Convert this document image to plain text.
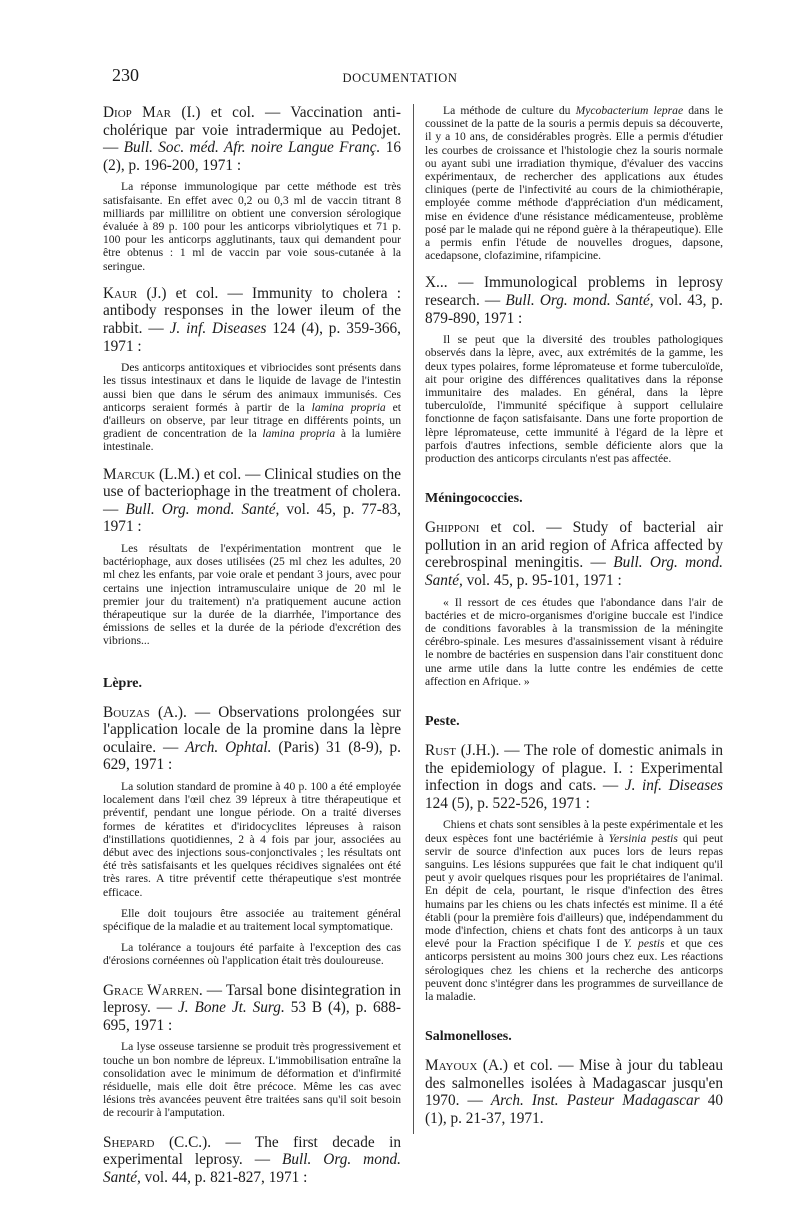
230	DOCUMENTATION

Diop Mar (I.) et col. — Vaccination anti-cholérique par voie intradermique au Pedojet. — Bull. Soc. méd. Afr. noire Langue Franç. 16 (2), p. 196-200, 1971 :

La réponse immunologique par cette méthode est très satisfaisante. En effet avec 0,2 ou 0,3 ml de vaccin titrant 8 milliards par millilitre on obtient une conversion sérologique évaluée à 89 p. 100 pour les anticorps vibriolytiques et 71 p. 100 pour les anticorps agglutinants, taux qui demandent pour être obtenus : 1 ml de vaccin par voie sous-cutanée à la seringue.

Kaur (J.) et col. — Immunity to cholera : antibody responses in the lower ileum of the rabbit. — J. inf. Diseases 124 (4), p. 359-366, 1971 :

Des anticorps antitoxiques et vibriocides sont présents dans les tissus intestinaux et dans le liquide de lavage de l'intestin aussi bien que dans le sérum des animaux immunisés. Ces anticorps seraient formés à partir de la lamina propria et d'ailleurs on observe, par leur titrage en différents points, un gradient de concentration de la lamina propria à la lumière intestinale.

Marcuk (L.M.) et col. — Clinical studies on the use of bacteriophage in the treatment of cholera. — Bull. Org. mond. Santé, vol. 45, p. 77-83, 1971 :

Les résultats de l'expérimentation montrent que le bactériophage, aux doses utilisées (25 ml chez les adultes, 20 ml chez les enfants, par voie orale et pendant 3 jours, avec pour certains une injection intramusculaire unique de 20 ml le premier jour du traitement) n'a pratiquement aucune action thérapeutique sur la durée de la diarrhée, l'importance des émissions de selles et la durée de la période d'excrétion des vibrions...

Lèpre.

Bouzas (A.). — Observations prolongées sur l'application locale de la promine dans la lèpre oculaire. — Arch. Ophtal. (Paris) 31 (8-9), p. 629, 1971 :

La solution standard de promine à 40 p. 100 a été employée localement dans l'œil chez 39 lépreux à titre thérapeutique et préventif, pendant une longue période. On a traité diverses formes de kératites et d'iridocyclites lépreuses à raison d'instillations quotidiennes, 2 à 4 fois par jour, associées au début avec des injections sous-conjonctivales ; les résultats ont été très satisfaisants et les quelques récidives signalées ont été très rares. A titre préventif cette thérapeutique s'est montrée efficace.

Elle doit toujours être associée au traitement général spécifique de la maladie et au traitement local symptomatique.

La tolérance a toujours été parfaite à l'exception des cas d'érosions cornéennes où l'application était très douloureuse.

Grace Warren. — Tarsal bone disintegration in leprosy. — J. Bone Jt. Surg. 53 B (4), p. 688-695, 1971 :

La lyse osseuse tarsienne se produit très progressivement et touche un bon nombre de lépreux. L'immobilisation entraîne la consolidation avec le minimum de déformation et d'infirmité résiduelle, mais elle doit être précoce. Même les cas avec lésions très avancées peuvent être traitées sans qu'il soit besoin de recourir à l'amputation.

Shepard (C.C.). — The first decade in experimental leprosy. — Bull. Org. mond. Santé, vol. 44, p. 821-827, 1971 :

La méthode de culture du Mycobacterium leprae dans le coussinet de la patte de la souris a permis depuis sa découverte, il y a 10 ans, de considérables progrès. Elle a permis d'étudier les courbes de croissance et l'histologie chez la souris normale ou ayant subi une irradiation thymique, d'évaluer des vaccins expérimentaux, de rechercher des applications aux études cliniques (perte de l'infectivité au cours de la chimiothérapie, employée comme méthode d'appréciation d'un médicament, mise en évidence d'une résistance médicamenteuse, problème posé par le malade qui ne répond guère à la thérapeutique). Elle a permis enfin l'étude de nouvelles drogues, dapsone, acedapsone, clofazimine, rifampicine.

X... — Immunological problems in leprosy research. — Bull. Org. mond. Santé, vol. 43, p. 879-890, 1971 :

Il se peut que la diversité des troubles pathologiques observés dans la lèpre, avec, aux extrémités de la gamme, les deux types polaires, forme lépromateuse et forme tuberculoïde, ait pour origine des différences qualitatives dans la réponse immunitaire des malades. En général, dans la lèpre tuberculoïde, l'immunité spécifique à support cellulaire fonctionne de façon satisfaisante. Dans une forte proportion de lèpre lépromateuse, cette immunité à l'égard de la lèpre et parfois d'autres infections, semble déficiente alors que la production des anticorps circulants n'est pas affectée.

Méningococcies.

Ghipponi et col. — Study of bacterial air pollution in an arid region of Africa affected by cerebrospinal meningitis. — Bull. Org. mond. Santé, vol. 45, p. 95-101, 1971 :

« Il ressort de ces études que l'abondance dans l'air de bactéries et de micro-organismes d'origine buccale est l'indice de conditions favorables à la transmission de la méningite cérébro-spinale. Les mesures d'assainissement visant à réduire le nombre de bactéries en suspension dans l'air constituent donc une arme utile dans la lutte contre les endémies de cette affection en Afrique. »

Peste.

Rust (J.H.). — The role of domestic animals in the epidemiology of plague. I. : Experimental infection in dogs and cats. — J. inf. Diseases 124 (5), p. 522-526, 1971 :

Chiens et chats sont sensibles à la peste expérimentale et les deux espèces font une bactériémie à Yersinia pestis qui peut servir de source d'infection aux puces lors de leurs repas sanguins. Les lésions suppurées que fait le chat indiquent qu'il peut y avoir quelques risques pour les propriétaires de l'animal. En dépit de cela, pourtant, le risque d'infection des êtres humains par les chiens ou les chats infectés est minime. Il a été établi (pour la première fois d'ailleurs) que, indépendamment du mode d'infection, chiens et chats font des anticorps à un taux elevé pour la Fraction spécifique I de Y. pestis et que ces anticorps persistent au moins 300 jours chez eux. Les réactions sérologiques chez les chiens et la recherche des anticorps peuvent donc s'intégrer dans les programmes de surveillance de la maladie.

Salmonelloses.

Mayoux (A.) et col. — Mise à jour du tableau des salmonelles isolées à Madagascar jusqu'en 1970. — Arch. Inst. Pasteur Madagascar 40 (1), p. 21-37, 1971.
